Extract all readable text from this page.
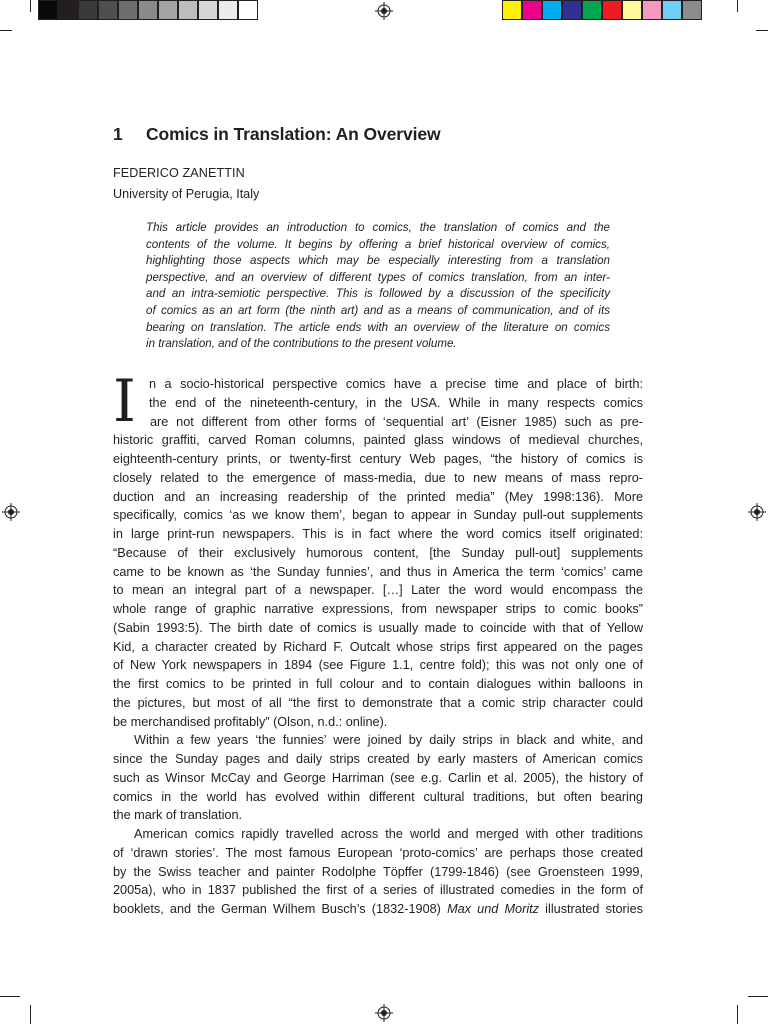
1 Comics in Translation: An Overview
FEDERICO ZANETTIN
University of Perugia, Italy
This article provides an introduction to comics, the translation of comics and the
contents of the volume. It begins by offering a brief historical overview of comics,
highlighting those aspects which may be especially interesting from a translation
perspective, and an overview of different types of comics translation, from an inter-
and an intra-semiotic perspective. This is followed by a discussion of the specificity
of comics as an art form (the ninth art) and as a means of communication, and of its
bearing on translation. The article ends with an overview of the literature on comics
in translation, and of the contributions to the present volume.
I	n a socio-historical perspective comics have a precise time and place of birth:
the end of the nineteenth-century, in the USA. While in many respects comics
are not different from other forms of ‘sequential art’ (Eisner 1985) such as pre-
historic graffiti, carved Roman columns, painted glass windows of medieval churches,
eighteenth-century prints, or twenty-first century Web pages, “the history of comics is
closely related to the emergence of mass-media, due to new means of mass repro-
duction and an increasing readership of the printed media” (Mey 1998:136). More
specifically, comics ‘as we know them’, began to appear in Sunday pull-out supplements
in large print-run newspapers. This is in fact where the word comics itself originated:
“Because of their exclusively humorous content, [the Sunday pull-out] supplements
came to be known as ‘the Sunday funnies’, and thus in America the term ‘comics’ came
to mean an integral part of a newspaper. […] Later the word would encompass the
whole range of graphic narrative expressions, from newspaper strips to comic books”
(Sabin 1993:5). The birth date of comics is usually made to coincide with that of Yellow
Kid, a character created by Richard F. Outcalt whose strips first appeared on the pages
of New York newspapers in 1894 (see Figure 1.1, centre fold); this was not only one of
the first comics to be printed in full colour and to contain dialogues within balloons in
the pictures, but most of all “the first to demonstrate that a comic strip character could
be merchandised profitably” (Olson, n.d.: online).
Within a few years ‘the funnies’ were joined by daily strips in black and white, and
since the Sunday pages and daily strips created by early masters of American comics
such as Winsor McCay and George Harriman (see e.g. Carlin et al. 2005), the history of
comics in the world has evolved within different cultural traditions, but often bearing
the mark of translation.
American comics rapidly travelled across the world and merged with other traditions
of ‘drawn stories’. The most famous European ‘proto-comics’ are perhaps those created
by the Swiss teacher and painter Rodolphe Töpffer (1799-1846) (see Groensteen 1999,
2005a), who in 1837 published the first of a series of illustrated comedies in the form of
booklets, and the German Wilhem Busch’s (1832-1908) Max und Moritz illustrated stories
